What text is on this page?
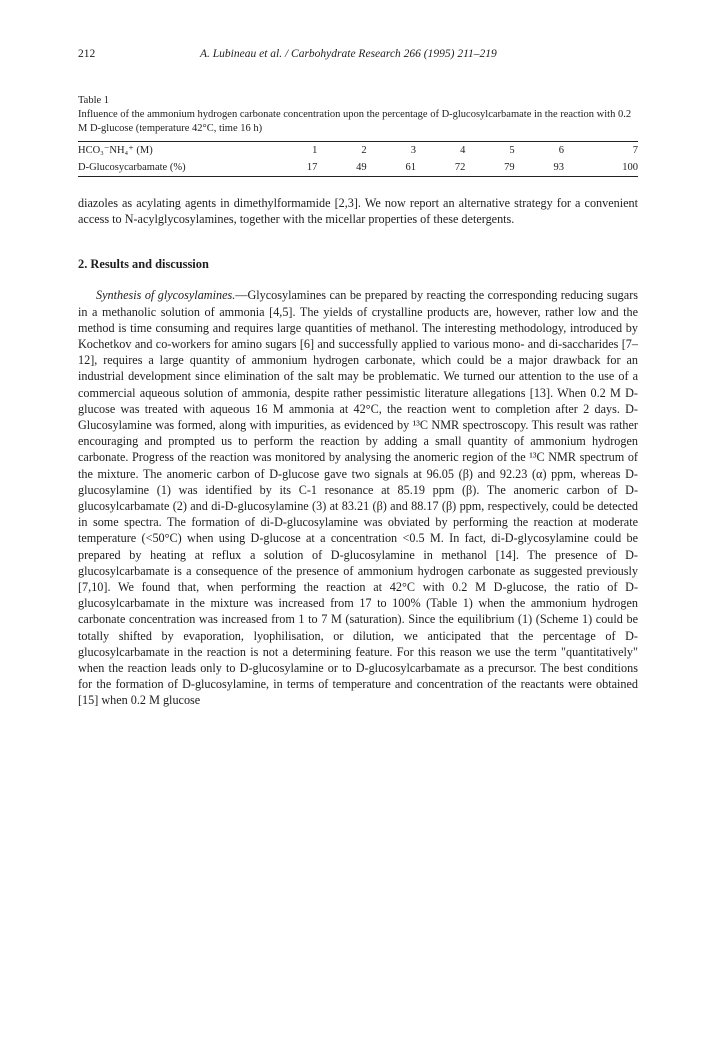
212	A. Lubineau et al. / Carbohydrate Research 266 (1995) 211–219
Table 1
Influence of the ammonium hydrogen carbonate concentration upon the percentage of D-glucosylcarbamate in the reaction with 0.2 M D-glucose (temperature 42°C, time 16 h)
HCO₃⁻NH₄⁺ (M)	1	2	3	4	5	6	7
D-Glucosycarbamate (%)	17	49	61	72	79	93	100

diazoles as acylating agents in dimethylformamide [2,3]. We now report an alternative strategy for a convenient access to N-acylglycosylamines, together with the micellar properties of these detergents.

2. Results and discussion

Synthesis of glycosylamines.—Glycosylamines can be prepared by reacting the corresponding reducing sugars in a methanolic solution of ammonia [4,5]. The yields of crystalline products are, however, rather low and the method is time consuming and requires large quantities of methanol. The interesting methodology, introduced by Kochetkov and co-workers for amino sugars [6] and successfully applied to various mono- and di-saccharides [7–12], requires a large quantity of ammonium hydrogen carbonate, which could be a major drawback for an industrial development since elimination of the salt may be problematic. We turned our attention to the use of a commercial aqueous solution of ammonia, despite rather pessimistic literature allegations [13]. When 0.2 M D-glucose was treated with aqueous 16 M ammonia at 42°C, the reaction went to completion after 2 days. D-Glucosylamine was formed, along with impurities, as evidenced by ¹³C NMR spectroscopy. This result was rather encouraging and prompted us to perform the reaction by adding a small quantity of ammonium hydrogen carbonate. Progress of the reaction was monitored by analysing the anomeric region of the ¹³C NMR spectrum of the mixture. The anomeric carbon of D-glucose gave two signals at 96.05 (β) and 92.23 (α) ppm, whereas D-glucosylamine (1) was identified by its C-1 resonance at 85.19 ppm (β). The anomeric carbon of D-glucosylcarbamate (2) and di-D-glucosylamine (3) at 83.21 (β) and 88.17 (β) ppm, respectively, could be detected in some spectra. The formation of di-D-glucosylamine was obviated by performing the reaction at moderate temperature (<50°C) when using D-glucose at a concentration <0.5 M. In fact, di-D-glycosylamine could be prepared by heating at reflux a solution of D-glucosylamine in methanol [14]. The presence of D-glucosylcarbamate is a consequence of the presence of ammonium hydrogen carbonate as suggested previously [7,10]. We found that, when performing the reaction at 42°C with 0.2 M D-glucose, the ratio of D-glucosylcarbamate in the mixture was increased from 17 to 100% (Table 1) when the ammonium hydrogen carbonate concentration was increased from 1 to 7 M (saturation). Since the equilibrium (1) (Scheme 1) could be totally shifted by evaporation, lyophilisation, or dilution, we anticipated that the percentage of D-glucosylcarbamate in the reaction is not a determining feature. For this reason we use the term "quantitatively" when the reaction leads only to D-glucosylamine or to D-glucosylcarbamate as a precursor. The best conditions for the formation of D-glucosylamine, in terms of temperature and concentration of the reactants were obtained [15] when 0.2 M glucose
